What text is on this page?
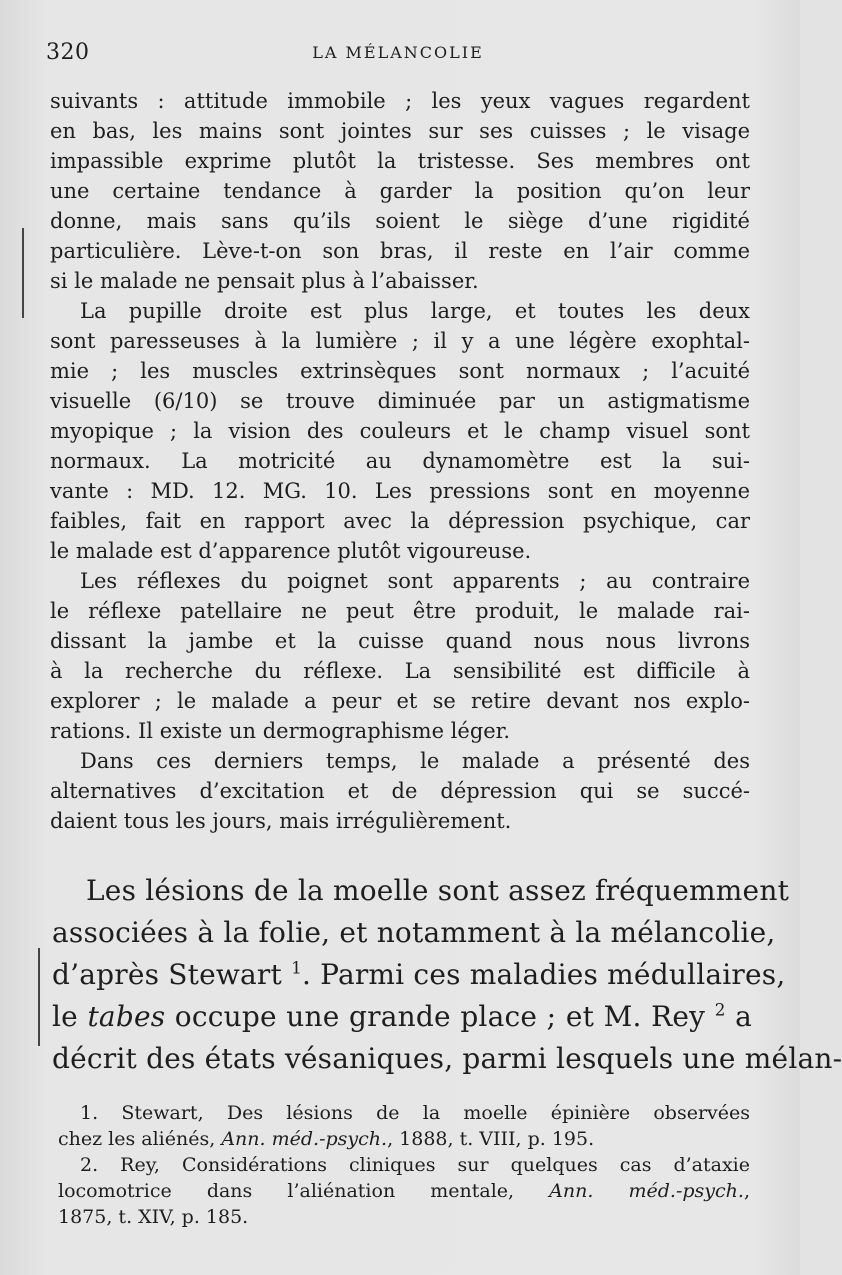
320	LA MÉLANCOLIE
suivants : attitude immobile ; les yeux vagues regardent
en bas, les mains sont jointes sur ses cuisses ; le visage
impassible exprime plutôt la tristesse. Ses membres ont
une certaine tendance à garder la position qu’on leur
donne, mais sans qu’ils soient le siège d’une rigidité
particulière. Lève-t-on son bras, il reste en l’air comme
si le malade ne pensait plus à l’abaisser.
La pupille droite est plus large, et toutes les deux
sont paresseuses à la lumière ; il y a une légère exophtal-
mie ; les muscles extrinsèques sont normaux ; l’acuité
visuelle (6/10) se trouve diminuée par un astigmatisme
myopique ; la vision des couleurs et le champ visuel sont
normaux. La motricité au dynamomètre est la sui-
vante : MD. 12. MG. 10. Les pressions sont en moyenne
faibles, fait en rapport avec la dépression psychique, car
le malade est d’apparence plutôt vigoureuse.
Les réflexes du poignet sont apparents ; au contraire
le réflexe patellaire ne peut être produit, le malade rai-
dissant la jambe et la cuisse quand nous nous livrons
à la recherche du réflexe. La sensibilité est difficile à
explorer ; le malade a peur et se retire devant nos explo-
rations. Il existe un dermographisme léger.
Dans ces derniers temps, le malade a présenté des
alternatives d’excitation et de dépression qui se succé-
daient tous les jours, mais irrégulièrement.
Les lésions de la moelle sont assez fréquemment
associées à la folie, et notamment à la mélancolie,
d’après Stewart $^1$. Parmi ces maladies médullaires,
le tabes occupe une grande place ; et M. Rey $^2$ a
décrit des états vésaniques, parmi lesquels une mélan-
1. Stewart, Des lésions de la moelle épinière observées
chez les aliénés, Ann. méd.-psych., 1888, t. VIII, p. 195.
2. Rey, Considérations cliniques sur quelques cas d’ataxie
locomotrice dans l’aliénation mentale, Ann. méd.-psych.,
1875, t. XIV, p. 185.
